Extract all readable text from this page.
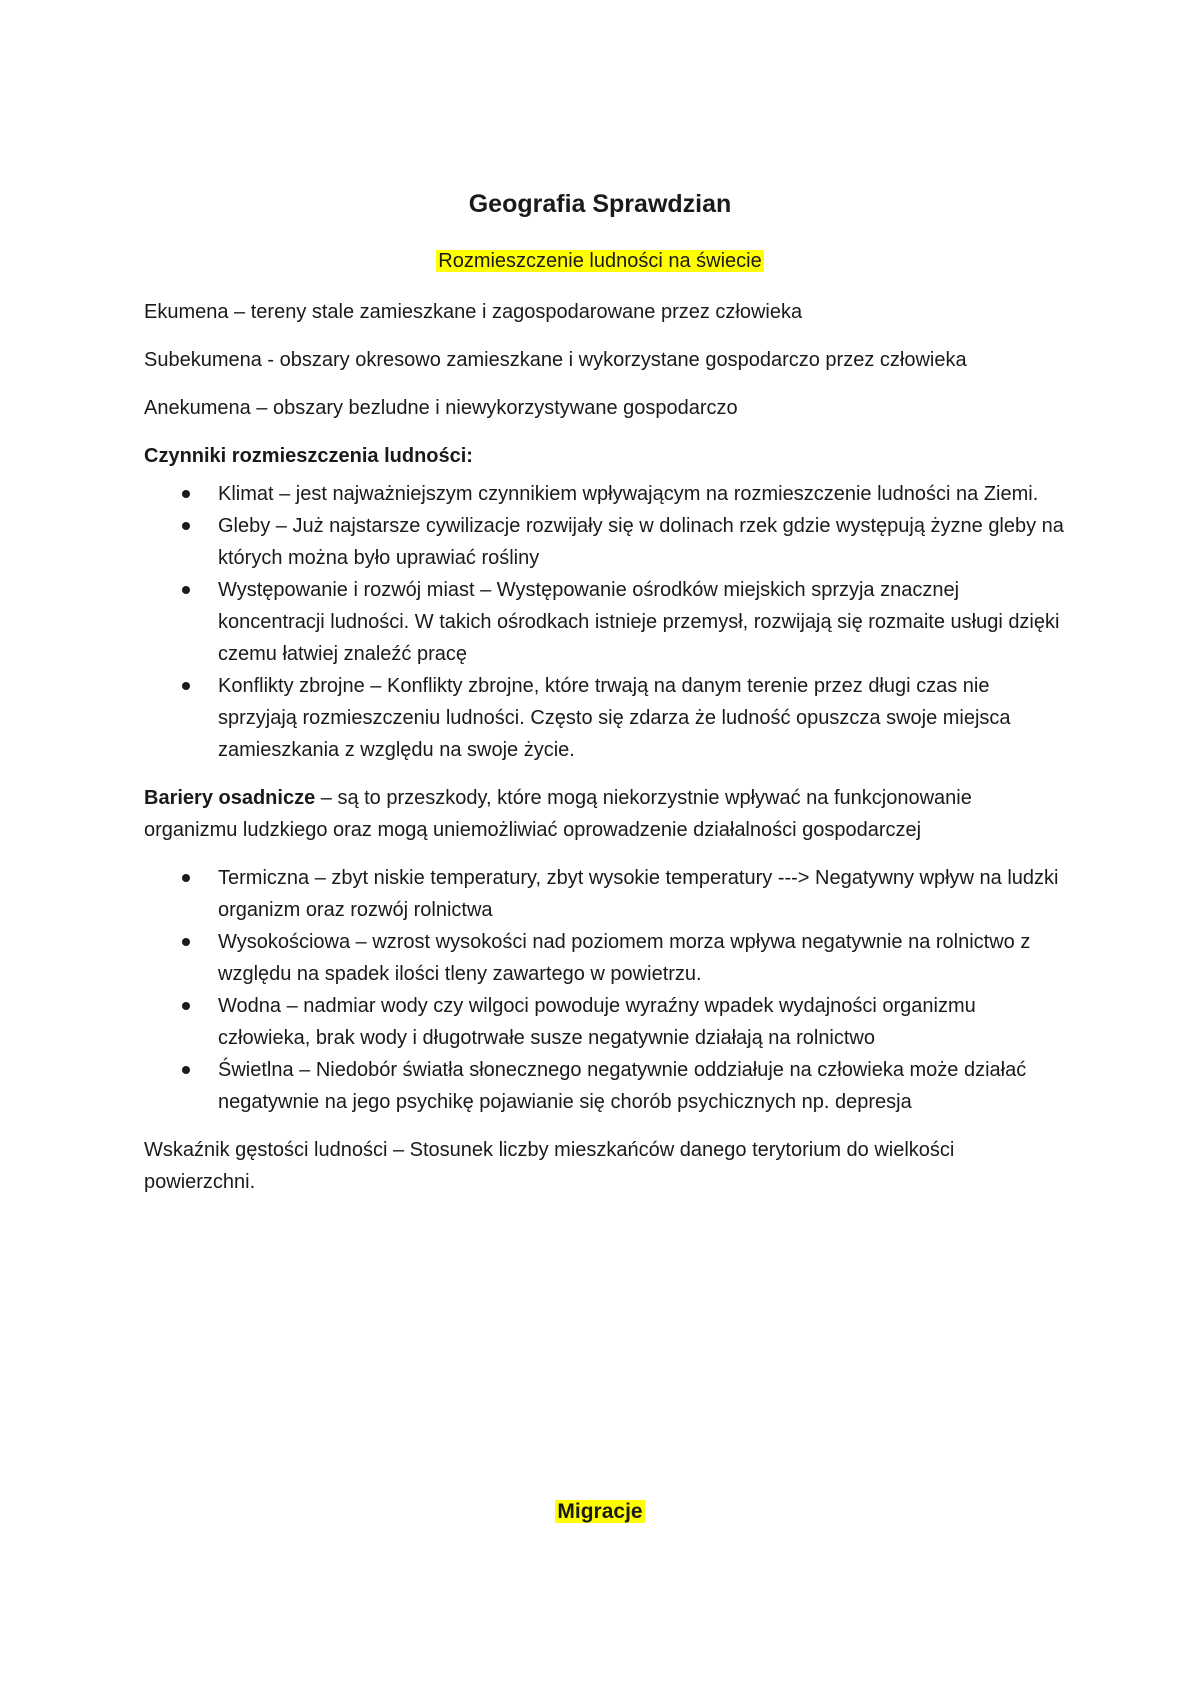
Geografia Sprawdzian
Rozmieszczenie ludności na świecie

Ekumena – tereny stale zamieszkane i zagospodarowane przez człowieka

Subekumena - obszary okresowo zamieszkane i wykorzystane gospodarczo przez człowieka

Anekumena – obszary bezludne i niewykorzystywane gospodarczo

Czynniki rozmieszczenia ludności:

Klimat – jest najważniejszym czynnikiem wpływającym na rozmieszczenie ludności na Ziemi.
Gleby – Już najstarsze cywilizacje rozwijały się w dolinach rzek gdzie występują żyzne gleby na których można było uprawiać rośliny
Występowanie i rozwój miast – Występowanie ośrodków miejskich sprzyja znacznej koncentracji ludności. W takich ośrodkach istnieje przemysł, rozwijają się rozmaite usługi dzięki czemu łatwiej znaleźć pracę
Konflikty zbrojne – Konflikty zbrojne, które trwają na danym terenie przez długi czas nie sprzyjają rozmieszczeniu ludności. Często się zdarza że ludność opuszcza swoje miejsca zamieszkania z względu na swoje życie.

Bariery osadnicze – są to przeszkody, które mogą niekorzystnie wpływać na funkcjonowanie organizmu ludzkiego oraz mogą uniemożliwiać oprowadzenie działalności gospodarczej

Termiczna – zbyt niskie temperatury, zbyt wysokie temperatury ---> Negatywny wpływ na ludzki organizm oraz rozwój rolnictwa
Wysokościowa – wzrost wysokości nad poziomem morza wpływa negatywnie na rolnictwo z względu na spadek ilości tleny zawartego w powietrzu.
Wodna – nadmiar wody czy wilgoci powoduje wyraźny wpadek wydajności organizmu człowieka, brak wody i długotrwałe susze negatywnie działają na rolnictwo
Świetlna – Niedobór światła słonecznego negatywnie oddziałuje na człowieka może działać negatywnie na jego psychikę pojawianie się chorób psychicznych np. depresja

Wskaźnik gęstości ludności – Stosunek liczby mieszkańców danego terytorium do wielkości powierzchni.

Migracje
